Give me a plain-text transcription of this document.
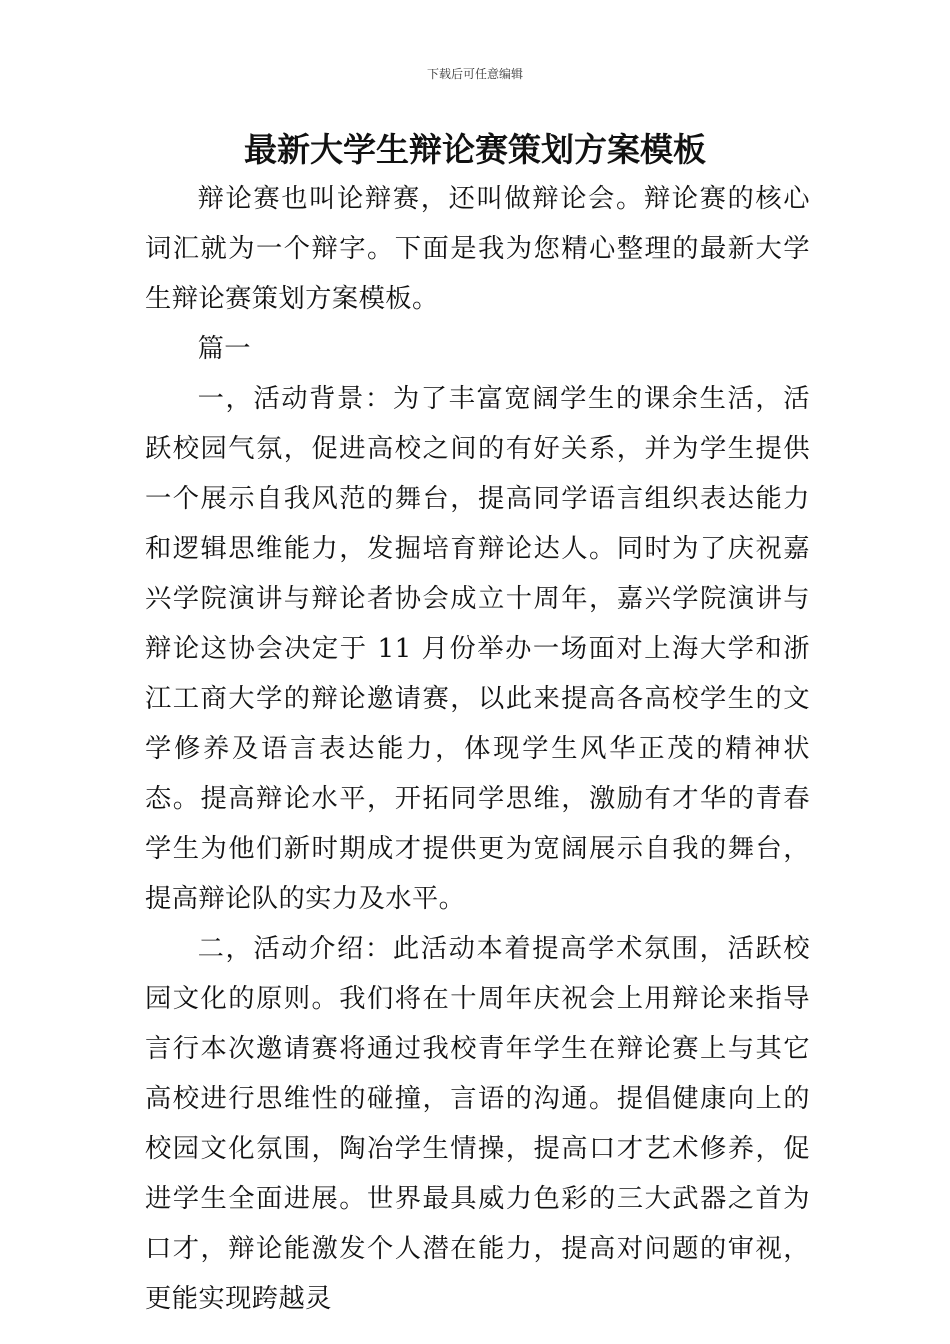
下载后可任意编辑
最新大学生辩论赛策划方案模板

辩论赛也叫论辩赛，还叫做辩论会。辩论赛的核心词汇就为一个辩字。下面是我为您精心整理的最新大学生辩论赛策划方案模板。

篇一

一，活动背景：为了丰富宽阔学生的课余生活，活跃校园气氛，促进高校之间的有好关系，并为学生提供一个展示自我风范的舞台，提高同学语言组织表达能力和逻辑思维能力，发掘培育辩论达人。同时为了庆祝嘉兴学院演讲与辩论者协会成立十周年，嘉兴学院演讲与辩论这协会决定于 11 月份举办一场面对上海大学和浙江工商大学的辩论邀请赛，以此来提高各高校学生的文学修养及语言表达能力，体现学生风华正茂的精神状态。提高辩论水平，开拓同学思维，激励有才华的青春学生为他们新时期成才提供更为宽阔展示自我的舞台，提高辩论队的实力及水平。

二，活动介绍：此活动本着提高学术氛围，活跃校园文化的原则。我们将在十周年庆祝会上用辩论来指导言行本次邀请赛将通过我校青年学生在辩论赛上与其它高校进行思维性的碰撞，言语的沟通。提倡健康向上的校园文化氛围，陶冶学生情操，提高口才艺术修养，促进学生全面进展。世界最具威力色彩的三大武器之首为口才，辩论能激发个人潜在能力，提高对问题的审视，更能实现跨越灵
